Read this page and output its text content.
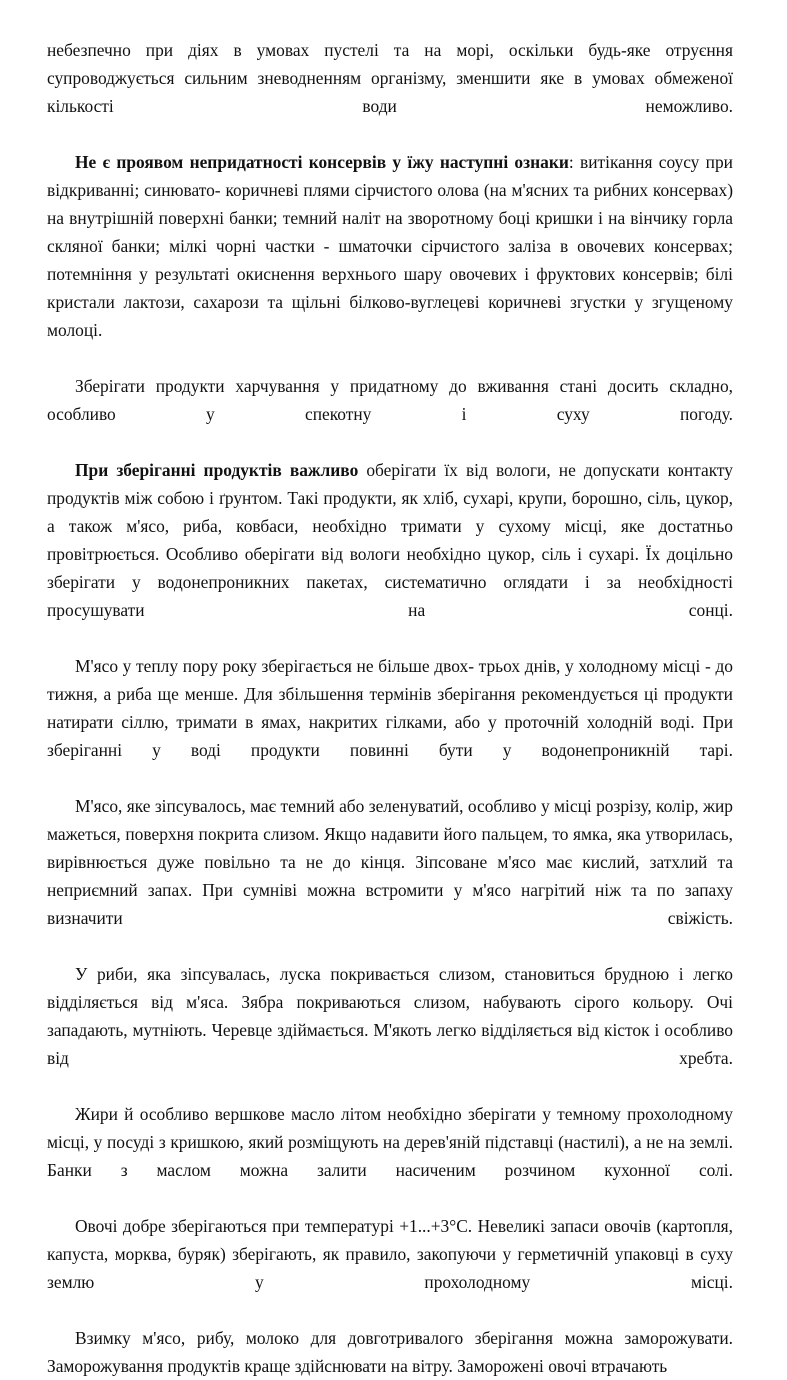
небезпечно при діях в умовах пустелі та на морі, оскільки будь-яке отруєння супроводжується сильним зневодненням організму, зменшити яке в умовах обмеженої кількості води неможливо.

Не є проявом непридатності консервів у їжу наступні ознаки: витікання соусу при відкриванні; синювато- коричневі плями сірчистого олова (на м'ясних та рибних консервах) на внутрішній поверхні банки; темний наліт на зворотному боці кришки і на вінчику горла скляної банки; мілкі чорні частки - шматочки сірчистого заліза в овочевих консервах; потемніння у результаті окиснення верхнього шару овочевих і фруктових консервів; білі кристали лактози, сахарози та щільні білково-вуглецеві коричневі згустки у згущеному молоці.

Зберігати продукти харчування у придатному до вживання стані досить складно, особливо у спекотну і суху погоду.

При зберіганні продуктів важливо оберігати їх від вологи, не допускати контакту продуктів між собою і ґрунтом. Такі продукти, як хліб, сухарі, крупи, борошно, сіль, цукор, а також м'ясо, риба, ковбаси, необхідно тримати у сухому місці, яке достатньо провітрюється. Особливо оберігати від вологи необхідно цукор, сіль і сухарі. Їх доцільно зберігати у водонепроникних пакетах, систематично оглядати і за необхідності просушувати на сонці.

М'ясо у теплу пору року зберігається не більше двох- трьох днів, у холодному місці - до тижня, а риба ще менше. Для збільшення термінів зберігання рекомендується ці продукти натирати сіллю, тримати в ямах, накритих гілками, або у проточній холодній воді. При зберіганні у воді продукти повинні бути у водонепроникній тарі.

М'ясо, яке зіпсувалось, має темний або зеленуватий, особливо у місці розрізу, колір, жир мажеться, поверхня покрита слизом. Якщо надавити його пальцем, то ямка, яка утворилась, вирівнюється дуже повільно та не до кінця. Зіпсоване м'ясо має кислий, затхлий та неприємний запах. При сумніві можна встромити у м'ясо нагрітий ніж та по запаху визначити свіжість.

У риби, яка зіпсувалась, луска покривається слизом, становиться брудною і легко відділяється від м'яса. Зябра покриваються слизом, набувають сірого кольору. Очі западають, мутніють. Черевце здіймається. М'якоть легко відділяється від кісток і особливо від хребта.

Жири й особливо вершкове масло літом необхідно зберігати у темному прохолодному місці, у посуді з кришкою, який розміщують на дерев'яній підставці (настилі), а не на землі. Банки з маслом можна залити насиченим розчином кухонної солі.

Овочі добре зберігаються при температурі +1...+3°С. Невеликі запаси овочів (картопля, капуста, морква, буряк) зберігають, як правило, закопуючи у герметичній упаковці в суху землю у прохолодному місці.

Взимку м'ясо, рибу, молоко для довготривалого зберігання можна заморожувати. Заморожування продуктів краще здійснювати на вітру. Заморожені овочі втрачають
